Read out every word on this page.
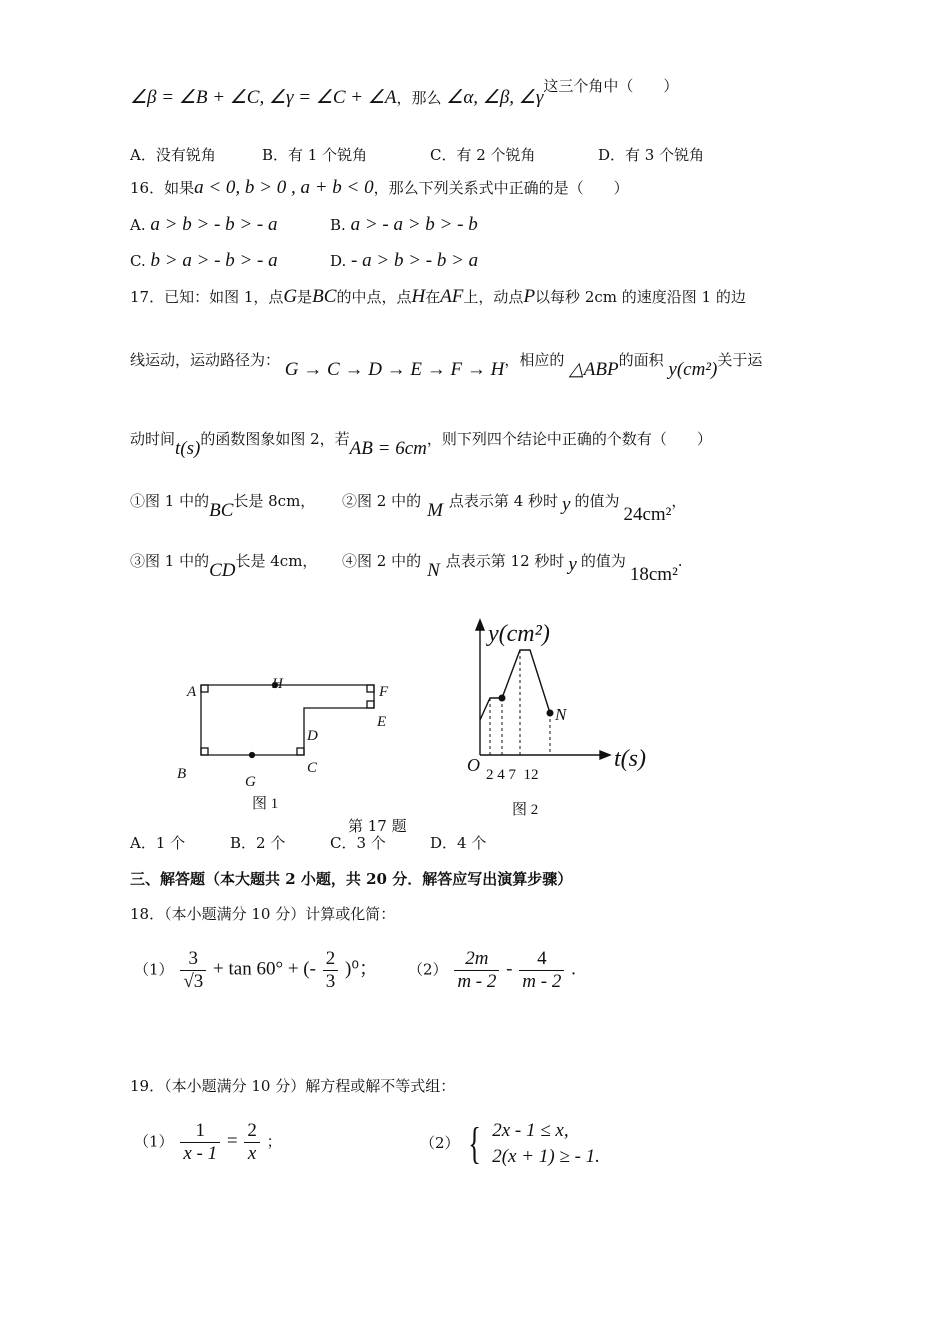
∠β = ∠B + ∠C, ∠γ = ∠C + ∠A，那么 ∠α, ∠β, ∠γ这三个角中（　　）
A．没有锐角	B．有 1 个锐角	C．有 2 个锐角	D．有 3 个锐角
16．如果a < 0, b > 0 , a + b < 0，那么下列关系式中正确的是（　　）
A. a > b > - b > - a	B. a > - a > b > - b
C. b > a > - b > - a	D. - a > b > - b > a
17．已知：如图 1，点G是BC的中点，点H在AF上，动点P以每秒 2cm 的速度沿图 1 的边
线运动，运动路径为： G → C → D → E → F → H，相应的 △ABP的面积 y(cm²)关于运
动时间t(s)的函数图象如图 2，若AB = 6cm，则下列四个结论中正确的个数有（　　）
①图 1 中的BC长是 8cm， ②图 2 中的 M 点表示第 4 秒时 y 的值为24cm²，
③图 1 中的CD长是 4cm， ④图 2 中的 N 点表示第 12 秒时 y 的值为18cm².
A	H	F
E
D
B	G
C
图 1
y(cm²)
t(s)
O
N
2 4 7  12
图 2
第 17 题
A．1 个	B．2 个	C．3 个	D．4 个
三、解答题（本大题共 2 小题，共 20 分．解答应写出演算步骤）
18．（本小题满分 10 分）计算或化简：
$(1) \frac{3}{√3} + \tan 60^\circ$ + (- $\frac{2}{3} )^0$； $(2) \frac{2m}{m - 2} - \frac{4}{m - 2}$ .
19．（本小题满分 10 分）解方程或解不等式组：
$(1) \frac{1}{x - 1} = \frac{2}{x}$ ；	（2） { 2x - 1 ≤ x,
2(x + 1) ≥ - 1.
